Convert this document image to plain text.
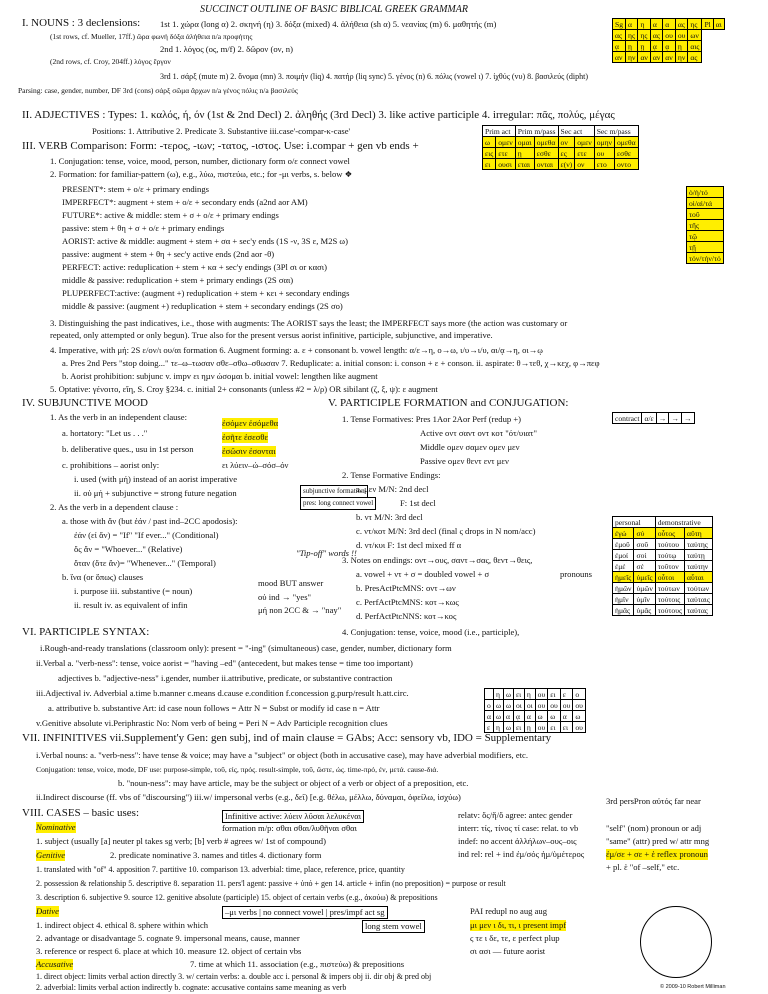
SUCCINCT OUTLINE OF BASIC BIBLICAL GREEK GRAMMAR
I. NOUNS : 3 declensions: 1st 1. χώρα (long α) 2. σκηνή (η) 3. δόξα (mixed) 4. ἀλήθεια (sh α) 5. νεανίας (m) 6. μαθητής (m)
(1st rows, cf. Mueller, 17ff.) ὥρα φωνή δόξα ἀλήθεια n/a προφήτης
2nd 1. λόγος (ος, m/f) 2. δῶρον (ον, n)
(2nd rows, cf. Croy, 204ff.) λόγος ἔργον
3rd 1. σάρξ (mute m) 2. ὄνομα (mn) 3. ποιμήν (liq) 4. πατήρ (liq sync) 5. γένος (n) 6. πόλις (vowel ι) 7. ἰχθύς (vυ) 8. βασιλεύς (dipht)
Parsing: case, gender, number, DF 3rd (cons) σάρξ σῶμα ἄρχων n/a γένος πόλις n/a βασιλεύς
Sg	α	η	α	α	ας	ης	Pl	αι
ας	ης	ης	ας	ου	ου	ων		
ᾳ	ῃ	ῃ	ᾳ	ᾳ	ῃ	αις		
αν	ην	αν	αν	αν	ην	ας		
II. ADJECTIVES : Types: 1. καλός, ή, όν (1st & 2nd Decl) 2. ἀληθής (3rd Decl) 3. like active participle 4. irregular: πᾶς, πολύς, μέγας
Positions: 1. Attributive 2. Predicate 3. Substantive iii.case'-compar-κ-case'	Prim act		Prim m/pass		Sec act		Sec m/pass	
ω	ομεν	ομαι	ομεθα	ον	ομεν	ομην	ομεθα
εις	ετε	ῃ	εσθε	ες	ετε	ου	εσθε
ει	ουσι	εται	ονται	ε(ν)	ον	ετο	οντο
III. VERB Comparison: Form: -τερος, -ιων; -τατος, -ιστος. Use: i.compar + gen vb ends +
1. Conjugation: tense, voice, mood, person, number, dictionary form ο/ε connect vowel
2. Formation: for familiar-pattern (ω), e.g., λύω, πιστεύω, etc.; for -μι verbs, s. below ❖
PRESENT*: stem + ο/ε + primary endings
IMPERFECT*: augment + stem + ο/ε + secondary ends (a2nd aor AM)
FUTURE*: active & middle: stem + σ + ο/ε + primary endings
passive: stem + θη + σ + ο/ε + primary endings
AORIST: active & middle: augment + stem + σα + sec'y ends (1S -ν, 3S ε, M2S ω)
passive: augment + stem + θη + sec'y active ends (2nd aor -θ)
PERFECT: active: reduplication + stem + κα + sec'y endings (3Pl σι or κασι)
middle & passive: reduplication + stem + primary endings (2S σαι)
PLUPERFECT:active: (augment +) reduplication + stem + κει + secondary endings
middle & passive: (augment +) reduplication + stem + secondary endings (2S σο)
ὁ/ἡ/τό
οἱ/αἱ/τά
τοῦ
τῆς
τῷ
τῇ
τόν/τήν/τό
3. Distinguishing the past indicatives, i.e., those with augments: The AORIST says the least; the IMPERFECT says more (the action was customary or
repeated, only attempted or only begun). True also for the present versus aorist infinitive, participle, subjunctive, and imperative.
4. Imperative, with μή: 2S ε/ον/ι ου/αι formation 6. Augment forming: a. ε + consonant b. vowel length: α/ε→η, ο→ω, ι/υ→ι/υ, αι/ᾳ→η, οι→ῳ
a. Pres 2nd Pers "stop doing..." τε–ω–τωσαν σθε–σθω–σθωσαν 7. Reduplicate: a. initial conson: i. conson + ε + conson. ii. aspirate: θ→τεθ, χ→κεχ, φ→πεφ
b. Aorist prohibition: subjunc v. impv ει ηµν ώσομαι b. initial vowel: lengthen like augment
5. Optative: γένοιτο, εἴη, S. Croy §234. c. initial 2+ consonants (unless #2 = λ/ρ) OR sibilant (ζ, ξ, ψ): ε augment
IV. SUBJUNCTIVE MOOD
1. As the verb in an independent clause:
a. hortatory: "Let us . . ."
b. deliberative ques., usu in 1st person
c. prohibitions – aorist only:
i. used (with μή) instead of an aorist imperative
ii. οὐ μή + subjunctive = strong future negation
2. As the verb in a dependent clause :
a. those with ἄν (but ἐάν / past ind–2CC apodosis):
ἐάν (εἰ ἄν) = "If" "If ever..." (Conditional)
ὅς ἄν = "Whoever..." (Relative)
ὅταν (ὅτε ἄν)= "Whenever..." (Temporal)
b. ἵνα (or ὅπως) clauses
i. purpose iii. substantive (= noun)
ii. result iv. as equivalent of infin
ἐσόμεν ἐσόμεθα
ἐσῆτε ἐσεσθε
ἐσῶσιν ἐσονται
ει λύειν–ώ–σόσ–όν
"Tip-off" words !!
mood BUT answer
οὐ ind → "yes"
μή non 2CC & → "nay"
subjunctive formation
pres: long connect vowel
V. PARTICIPLE FORMATION and CONJUGATION:
1. Tense Formatives: Pres 1Aor 2Aor Perf (redup +)
Active οντ σαντ οντ κοτ "ότ/υιατ"
Middle ομεν σαμεν ομεν μεν
Passive ομεν θεντ εντ μεν
2. Tense Formative Endings:
a. μεν M/N: 2nd decl
F: 1st decl
b. ντ M/N: 3rd decl
c. ντ/κοτ M/N: 3rd decl (final ς drops in N nom/acc)
d. ντ/κυι F: 1st decl mixed ff α
3. Notes on endings: οντ→ους, σαντ→σας, θεντ→θεις,
a. vowel + ντ + σ = doubled vowel + σ
b. PresActPtcMNS: οντ→ων
c. PerfActPtcMNS: κοτ→κως
d. PerfActPtcNNS: κοτ→κος
4. Conjugation: tense, voice, mood (i.e., participle),
pronouns
contract	α/ε	→	→	→
personal		demonstrative	
ἐγώ	σύ	οὗτος	αὕτη
ἐμοῦ	σοῦ	τούτου	ταύτης
ἐμοί	σοί	τούτῳ	ταύτῃ
ἐμέ	σέ	τοῦτον	ταύτην
ἡμεῖς	ὑμεῖς	οὗτοι	αὗται
ἡμῶν	ὑμῶν	τούτων	τούτων
ἡμῖν	ὑμῖν	τούτοις	ταύταις
ἡμᾶς	ὑμᾶς	τούτους	ταύτας
VI. PARTICIPLE SYNTAX:
i.Rough-and-ready translations (classroom only): present = "-ing" (simultaneous) case, gender, number, dictionary form
ii.Verbal a. "verb-ness": tense, voice aorist = "having –ed" (antecedent, but makes tense = time too important)
adjectives b. "adjective-ness" i.gender, number ii.attributive, predicate, or substantive contraction
iii.Adjectival iv. Adverbial a.time b.manner c.means d.cause e.condition f.concession g.purp/result h.att.circ.
a. attributive b. substantive Art: id case noun follows = Attr N = Subst or modify id case n = Attr
v.Genitive absolute vi.Periphrastic No: Nom verb of being = Peri N = Adv Participle recognition clues
VII. INFINITIVES vii.Supplement'y Gen: gen subj, ind of main clause = GAbs; Acc: sensory vb, IDO = Supplementary
i.Verbal nouns: a. "verb-ness": have tense & voice; may have a "subject" or object (both in accusative case), may have adverbial modifiers, etc.
Conjugation: tense, voice, mode, DF use: purpose-simple, τοῦ, εἰς, πρός. result-simple, τοῦ, ὥστε, ὡς. time-πρό, ἐν, μετά. cause-διά.
b. "noun-ness": may have article, may be the subject or object of a verb or object of a preposition, etc.
ii.Indirect discourse (ff. vbs of "discoursing") iii.w/ impersonal verbs (e.g., δεῖ) [e.g. θέλω, μέλλω, δύναμαι, ὀφείλω, ἰσχύω)
	η	ω	ει	η	ου	ει	ε	ο
ο	ω	ω	οι	οι	ου	ου	ου	ου
α	ω	α	ᾳ	α	ω	ω	α	ω
ε	η	ω	ει	ῃ	ου	ει	ει	ου
VIII. CASES – basic uses:
Nominative
1. subject (usually [a] neuter pl takes sg verb; [b] verb # agrees w/ 1st of compound)
Genitive	2. predicate nominative 3. names and titles 4. dictionary form
1. translated with "of" 4. apposition 7. partitive 10. comparison 13. adverbial: time, place, reference, price, quantity
2. possession & relationship 5. descriptive 8. separation 11. pers'l agent: passive + ὑπό + gen 14. article + infin (no preposition) = purpose or result
3. description 6. subjective 9. source 12. genitive absolute (participle) 15. object of certain verbs (e.g., ἀκούω) & prepositions
Dative
1. indirect object 4. ethical 8. sphere within which
2. advantage or disadvantage 5. cognate 9. impersonal means, cause, manner
3. reference or respect 6. place at which 10. measure 12. object of certain vbs
7. time at which 11. association (e.g., πιστεύω) & prepositions
Accusative
1. direct object: limits verbal action directly 3. w/ certain verbs: a. double acc i. personal & impers obj ii. dir obj & pred obj
2. adverbial: limits verbal action indirectly b. cognate: accusative contains same meaning as verb
Infinitive active: λύειν λῦσαι λελυκέναι
formation m/p: σθαι σθαι/λυθῆναι σθαι
relatv: ὅς/ἥ/ὅ agree: antec gender
interr: τίς, τίνος τί case: relat. to vb
indef: no accent ἀλλήλων–ους–οις
ind rel: rel + ind ἐμ/σός ἡμ/ὑμέτερος
3rd persPron αὐτός far near
"self" (nom) pronoun or adj
"same" (attr) pred w/ attr mng
ἐμ/σε + σε + ἑ reflex pronoun
+ pl. ἑ "of –self," etc.
–μι verbs | no connect vowel | pres/impf act sg
long stem vowel
PAI redupl no aug aug
μι μεν ι δι, τι, ι present impf
ς τε ι δε, τε, ε perfect plup
σι ασι — future aorist
© 2009-10 Robert Milliman
